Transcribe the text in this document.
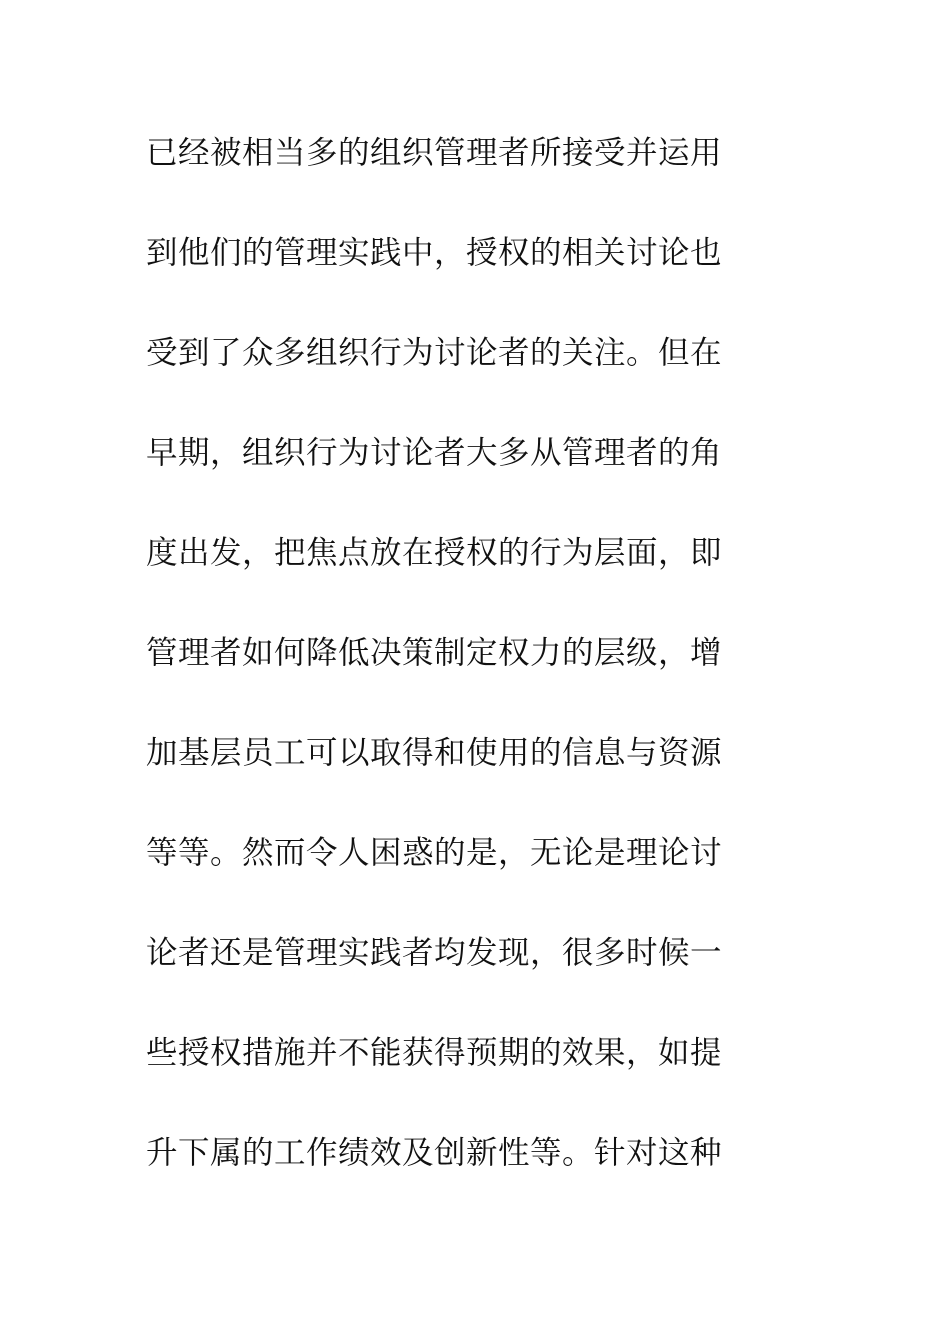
已经被相当多的组织管理者所接受并运用
到他们的管理实践中，授权的相关讨论也
受到了众多组织行为讨论者的关注。但在
早期，组织行为讨论者大多从管理者的角
度出发，把焦点放在授权的行为层面，即
管理者如何降低决策制定权力的层级，增
加基层员工可以取得和使用的信息与资源
等等。然而令人困惑的是，无论是理论讨
论者还是管理实践者均发现，很多时候一
些授权措施并不能获得预期的效果，如提
升下属的工作绩效及创新性等。针对这种
